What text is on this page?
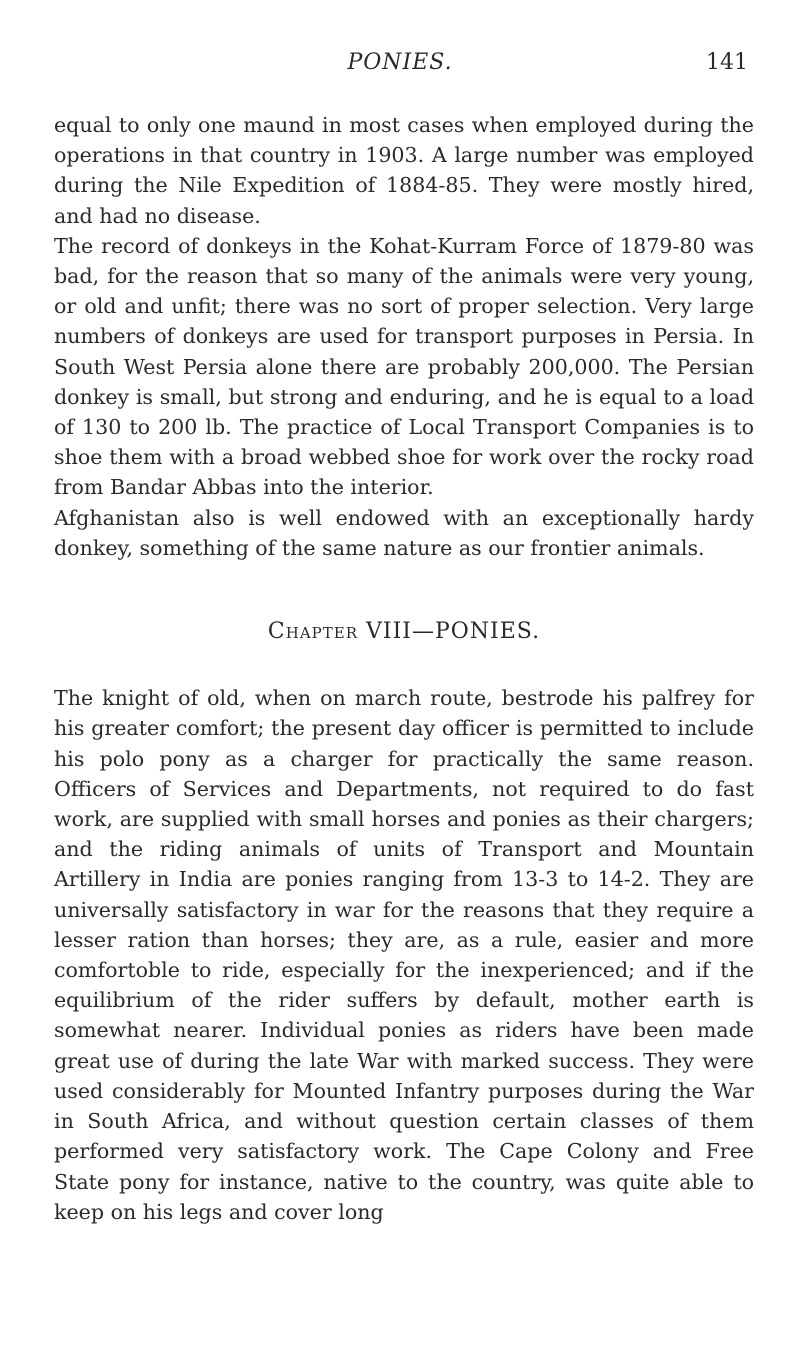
PONIES.	141

equal to only one maund in most cases when employed during the operations in that country in 1903. A large number was employed during the Nile Expedition of 1884-85. They were mostly hired, and had no disease.

The record of donkeys in the Kohat-Kurram Force of 1879-80 was bad, for the reason that so many of the animals were very young, or old and unfit; there was no sort of proper selection. Very large numbers of donkeys are used for transport purposes in Persia. In South West Persia alone there are probably 200,000. The Persian donkey is small, but strong and enduring, and he is equal to a load of 130 to 200 lb. The practice of Local Transport Companies is to shoe them with a broad webbed shoe for work over the rocky road from Bandar Abbas into the interior.

Afghanistan also is well endowed with an exceptionally hardy donkey, something of the same nature as our frontier animals.

Chapter VIII—PONIES.

The knight of old, when on march route, bestrode his palfrey for his greater comfort; the present day officer is permitted to include his polo pony as a charger for practically the same reason. Officers of Services and Departments, not required to do fast work, are supplied with small horses and ponies as their chargers; and the riding animals of units of Transport and Mountain Artillery in India are ponies ranging from 13-3 to 14-2. They are universally satisfactory in war for the reasons that they require a lesser ration than horses; they are, as a rule, easier and more comfortoble to ride, especially for the inexperienced; and if the equilibrium of the rider suffers by default, mother earth is somewhat nearer. Individual ponies as riders have been made great use of during the late War with marked success. They were used considerably for Mounted Infantry purposes during the War in South Africa, and without question certain classes of them performed very satisfactory work. The Cape Colony and Free State pony for instance, native to the country, was quite able to keep on his legs and cover long
